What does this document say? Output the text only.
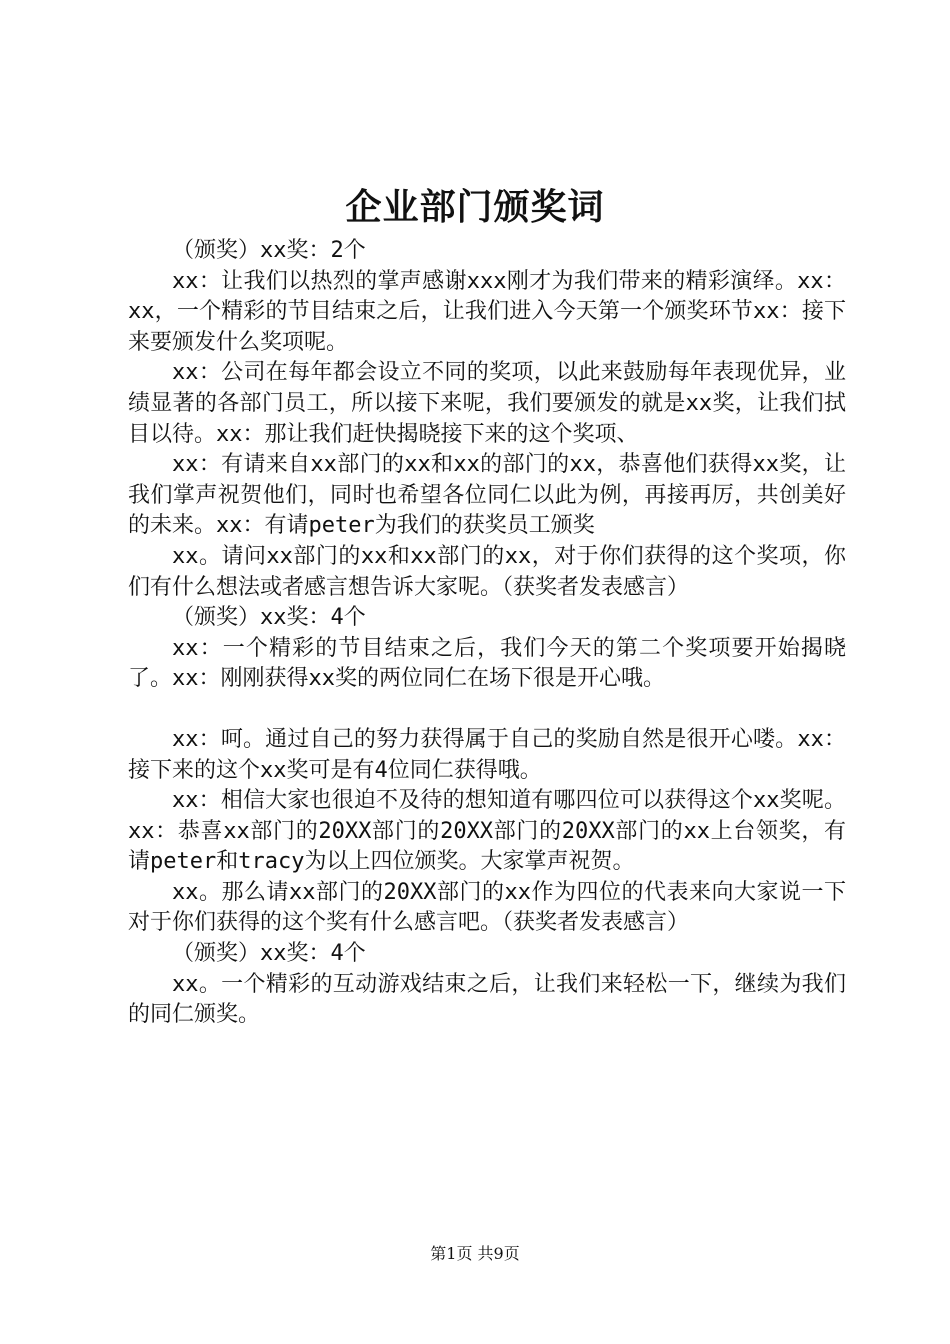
企业部门颁奖词

（颁奖）xx奖：2个

xx：让我们以热烈的掌声感谢xxx刚才为我们带来的精彩演绎。xx：xx，一个精彩的节目结束之后，让我们进入今天第一个颁奖环节xx：接下来要颁发什么奖项呢。

xx：公司在每年都会设立不同的奖项，以此来鼓励每年表现优异，业绩显著的各部门员工，所以接下来呢，我们要颁发的就是xx奖，让我们拭目以待。xx：那让我们赶快揭晓接下来的这个奖项、

xx：有请来自xx部门的xx和xx的部门的xx，恭喜他们获得xx奖，让我们掌声祝贺他们，同时也希望各位同仁以此为例，再接再厉，共创美好的未来。xx：有请peter为我们的获奖员工颁奖

xx。请问xx部门的xx和xx部门的xx，对于你们获得的这个奖项，你们有什么想法或者感言想告诉大家呢。（获奖者发表感言）

（颁奖）xx奖：4个

xx：一个精彩的节目结束之后，我们今天的第二个奖项要开始揭晓了。xx：刚刚获得xx奖的两位同仁在场下很是开心哦。

xx：呵。通过自己的努力获得属于自己的奖励自然是很开心喽。xx：接下来的这个xx奖可是有4位同仁获得哦。

xx：相信大家也很迫不及待的想知道有哪四位可以获得这个xx奖呢。xx：恭喜xx部门的20XX部门的20XX部门的20XX部门的xx上台领奖，有请peter和tracy为以上四位颁奖。大家掌声祝贺。

xx。那么请xx部门的20XX部门的xx作为四位的代表来向大家说一下对于你们获得的这个奖有什么感言吧。（获奖者发表感言）

（颁奖）xx奖：4个

xx。一个精彩的互动游戏结束之后，让我们来轻松一下，继续为我们的同仁颁奖。

第1页 共9页
